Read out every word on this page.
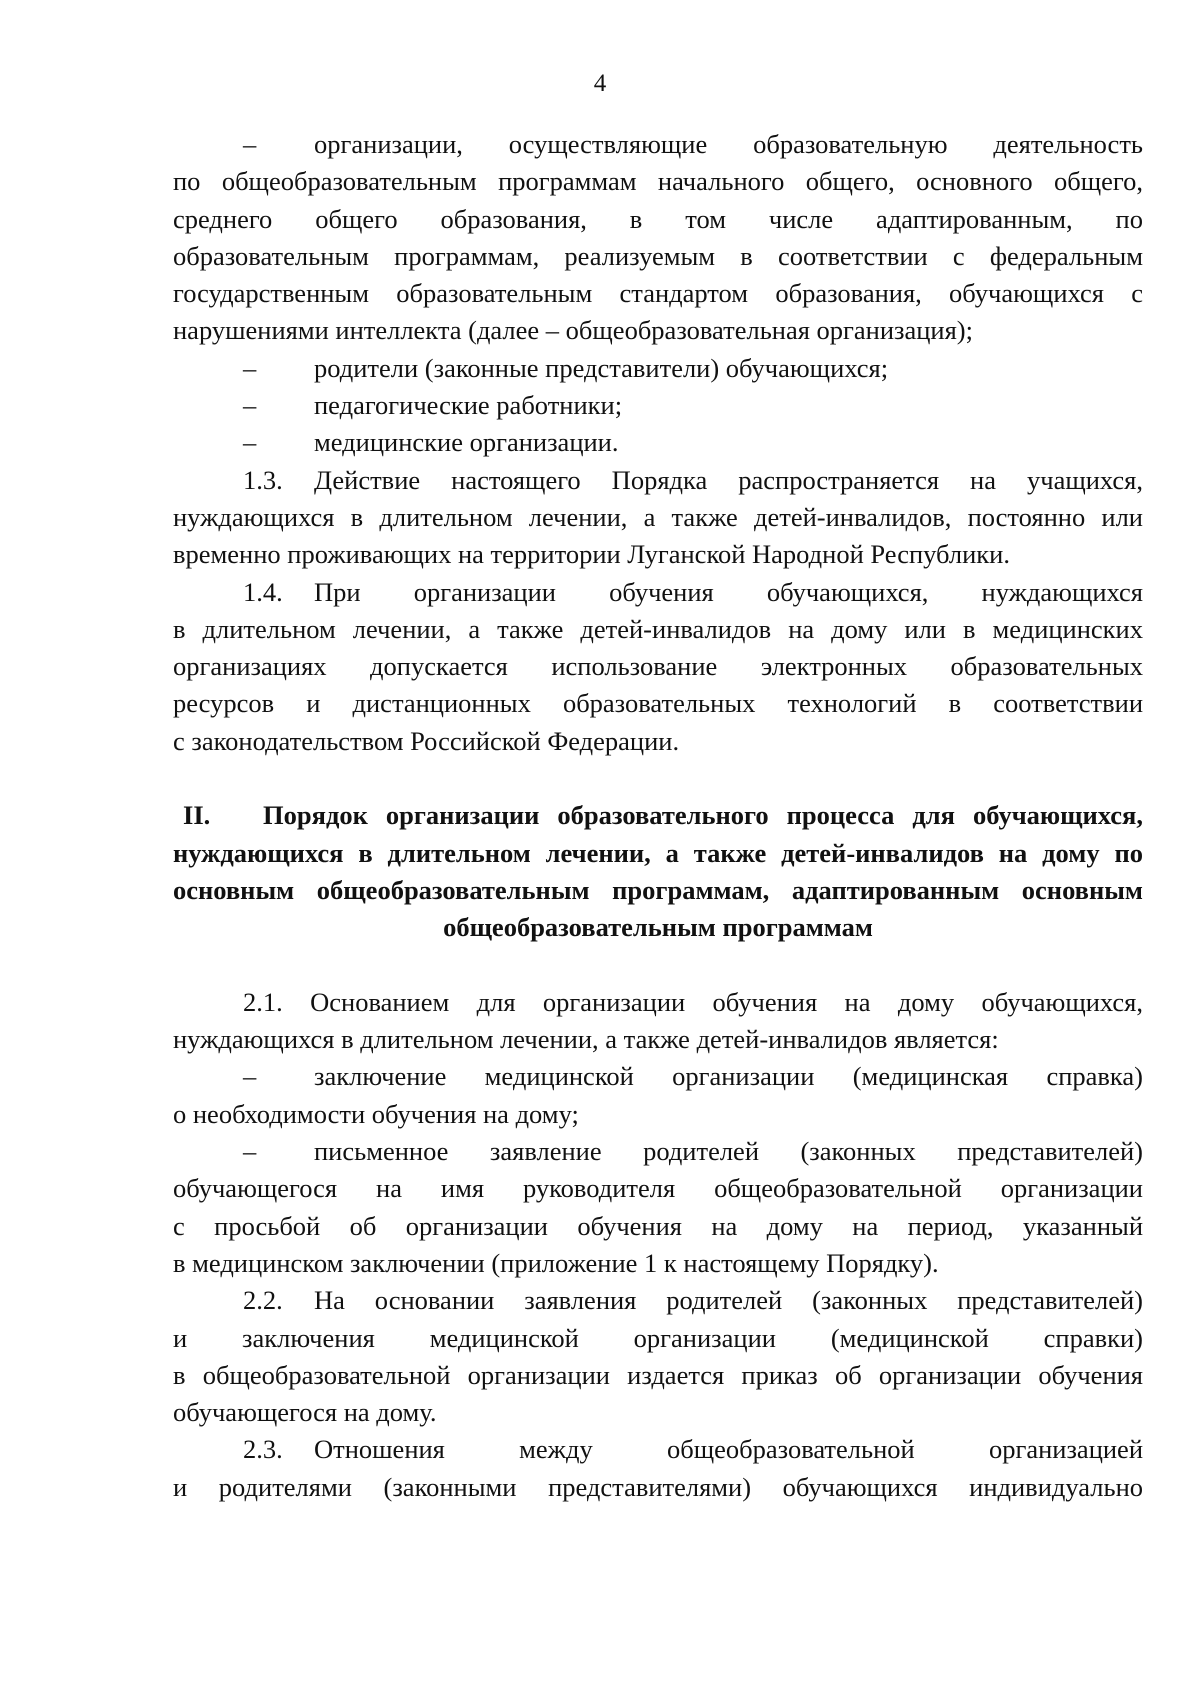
4
–	организации, осуществляющие образовательную деятельность
по общеобразовательным программам начального общего, основного общего,
среднего общего образования, в том числе адаптированным, по
образовательным программам, реализуемым в соответствии с федеральным
государственным образовательным стандартом образования, обучающихся с
нарушениями интеллекта (далее – общеобразовательная организация);
–	родители (законные представители) обучающихся;
–	педагогические работники;
–	медицинские организации.
1.3.	Действие настоящего Порядка распространяется на учащихся,
нуждающихся в длительном лечении, а также детей-инвалидов, постоянно или
временно проживающих на территории Луганской Народной Республики.
1.4.	При организации обучения обучающихся, нуждающихся
в длительном лечении, а также детей-инвалидов на дому или в медицинских
организациях допускается использование электронных образовательных
ресурсов и дистанционных образовательных технологий в соответствии
с законодательством Российской Федерации.
II.	Порядок организации образовательного процесса для обучающихся,
нуждающихся в длительном лечении, а также детей-инвалидов на дому по
основным общеобразовательным программам, адаптированным основным
общеобразовательным программам
2.1. Основанием для организации обучения на дому обучающихся,
нуждающихся в длительном лечении, а также детей-инвалидов является:
–	заключение медицинской организации (медицинская справка)
о необходимости обучения на дому;
–	письменное заявление родителей (законных представителей)
обучающегося на имя руководителя общеобразовательной организации
с просьбой об организации обучения на дому на период, указанный
в медицинском заключении (приложение 1 к настоящему Порядку).
2.2.	На основании заявления родителей (законных представителей)
и заключения медицинской организации (медицинской справки)
в общеобразовательной организации издается приказ об организации обучения
обучающегося на дому.
2.3.	Отношения между общеобразовательной организацией
и родителями (законными представителями) обучающихся индивидуально
